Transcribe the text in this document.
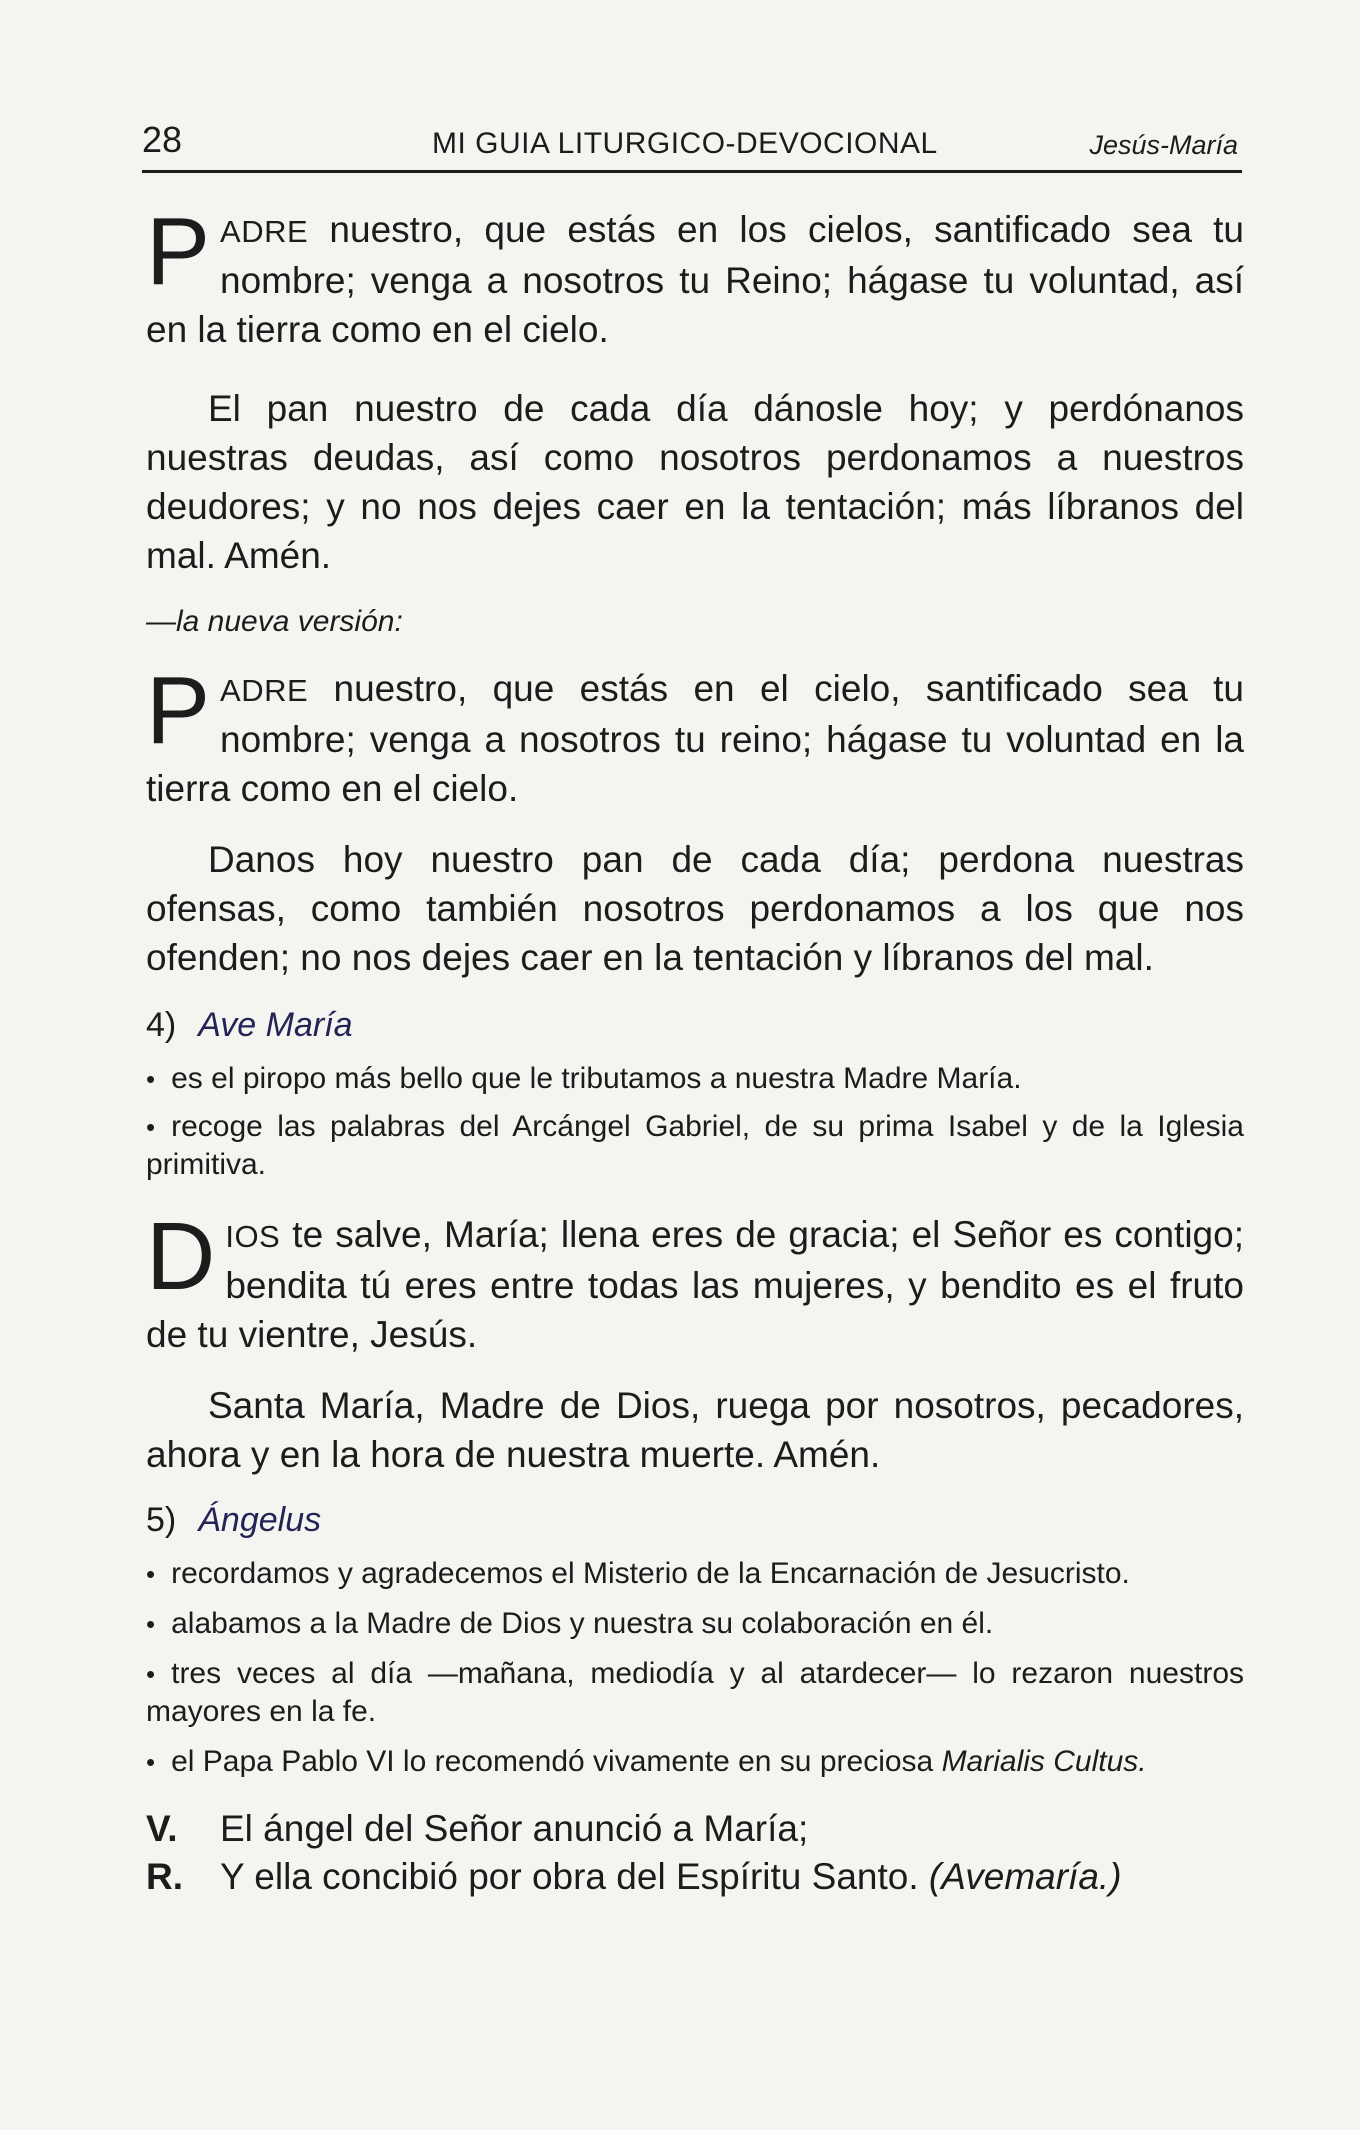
28	MI GUIA LITURGICO-DEVOCIONAL	Jesús-María

PADRE nuestro, que estás en los cielos, santificado sea tu nombre; venga a nosotros tu Reino; hágase tu voluntad, así en la tierra como en el cielo.

El pan nuestro de cada día dánosle hoy; y perdónanos nuestras deudas, así como nosotros perdonamos a nuestros deudores; y no nos dejes caer en la tentación; más líbranos del mal. Amén.

—la nueva versión:

PADRE nuestro, que estás en el cielo, santificado sea tu nombre; venga a nosotros tu reino; hágase tu voluntad en la tierra como en el cielo.

Danos hoy nuestro pan de cada día; perdona nuestras ofensas, como también nosotros perdonamos a los que nos ofenden; no nos dejes caer en la tentación y líbranos del mal.

4) Ave María

• es el piropo más bello que le tributamos a nuestra Madre María.

• recoge las palabras del Arcángel Gabriel, de su prima Isabel y de la Iglesia primitiva.

DIOS te salve, María; llena eres de gracia; el Señor es contigo; bendita tú eres entre todas las mujeres, y bendito es el fruto de tu vientre, Jesús.

Santa María, Madre de Dios, ruega por nosotros, pecadores, ahora y en la hora de nuestra muerte. Amén.

5) Ángelus

• recordamos y agradecemos el Misterio de la Encarnación de Jesucristo.

• alabamos a la Madre de Dios y nuestra su colaboración en él.

• tres veces al día —mañana, mediodía y al atardecer— lo rezaron nuestros mayores en la fe.

• el Papa Pablo VI lo recomendó vivamente en su preciosa Marialis Cultus.

V.	El ángel del Señor anunció a María;
R.	Y ella concibió por obra del Espíritu Santo. (Avemaría.)
